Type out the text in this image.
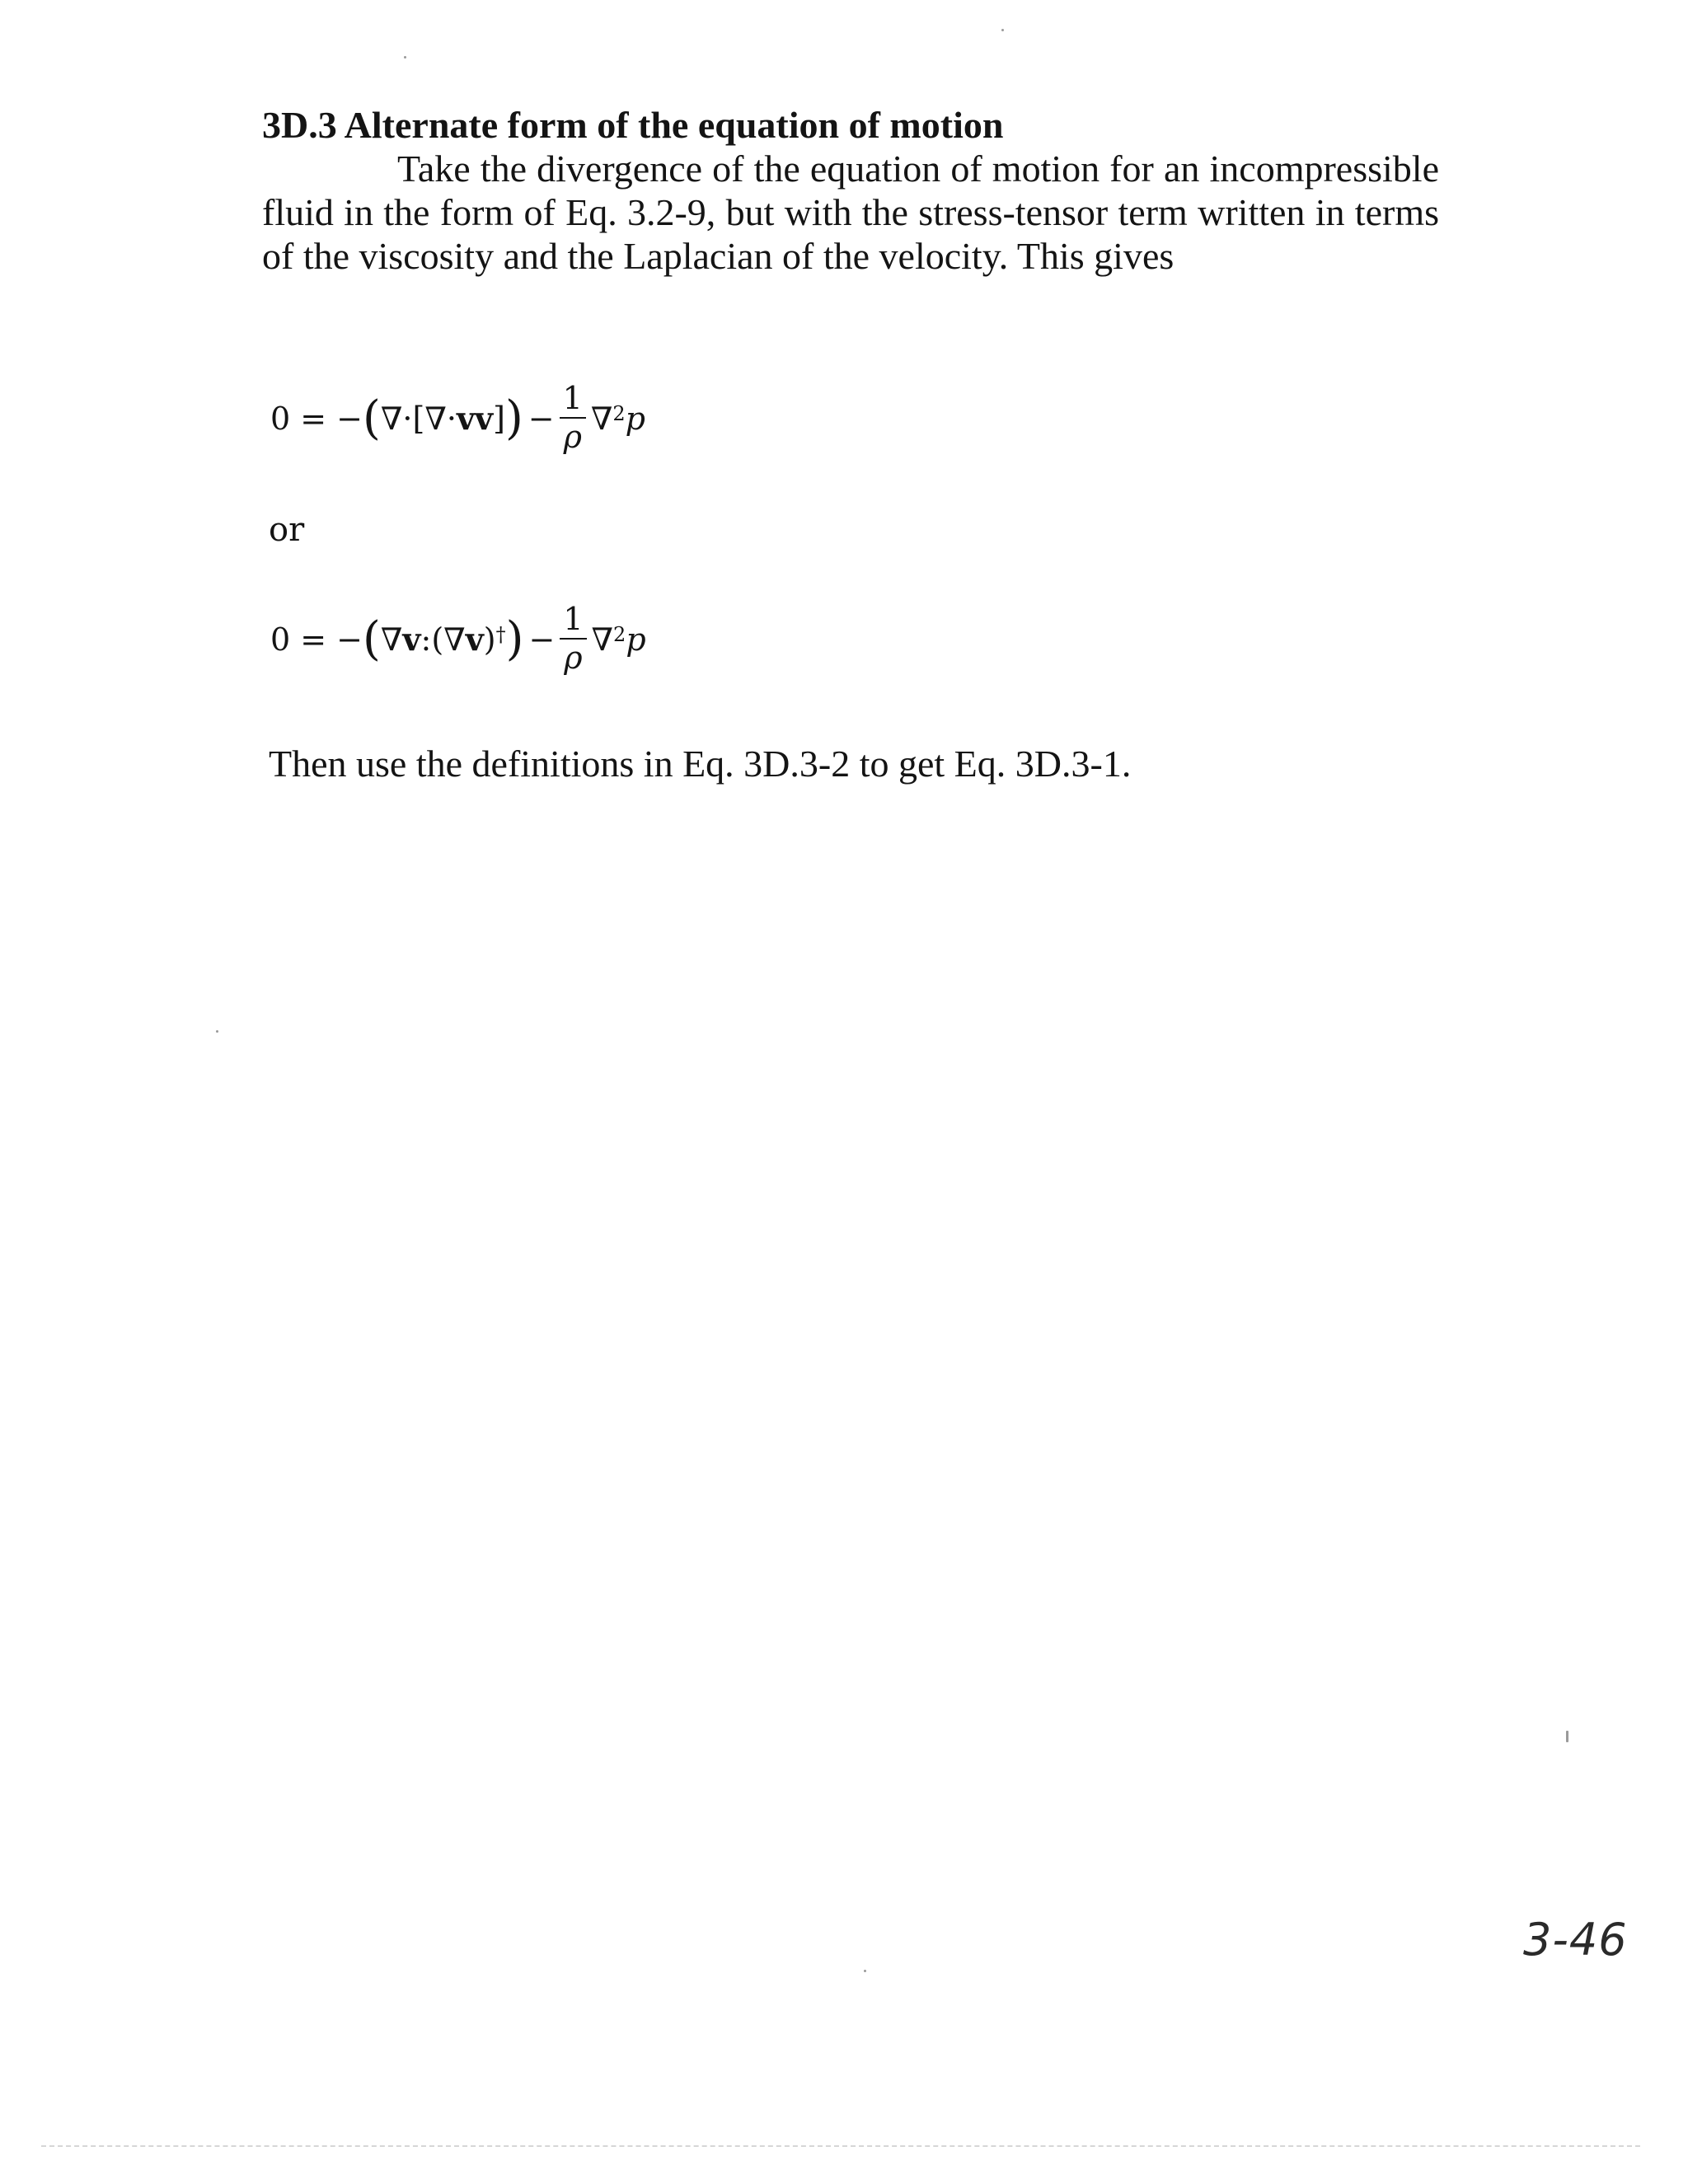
3D.3 Alternate form of the equation of motion

Take the divergence of the equation of motion for an incompressible fluid in the form of Eq. 3.2-9, but with the stress-tensor term written in terms of the viscosity and the Laplacian of the velocity. This gives

0 = − ( ∇·[∇· vv ] ) − $\frac{1}{\rho}$ ∇ 2 p
or
0 = − ( ∇ v :(∇ v ) † ) − $\frac{1}{\rho}$ ∇ 2 p
Then use the definitions in Eq. 3D.3-2 to get Eq. 3D.3-1.
3-46
